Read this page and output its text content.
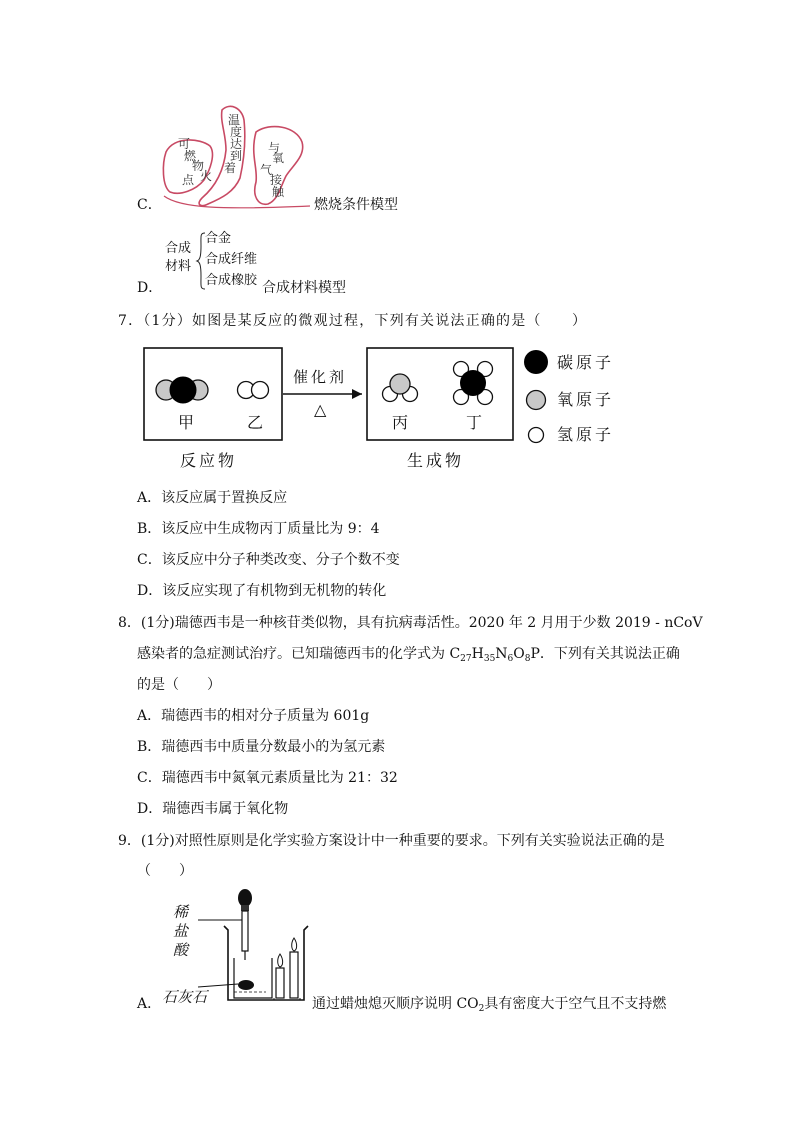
C．
可
燃
物
点 火
温
度
达
到
着
与
氧
气
接
触
燃烧条件模型
D．
合成
材料
合金
合成纤维
合成橡胶 合成材料模型
7．（1分）如图是某反应的微观过程，下列有关说法正确的是（　　）
催化剂
△
甲	乙	丙	丁
反应物	生成物
碳原子
氧原子
氢原子
A．该反应属于置换反应
B．该反应中生成物丙丁质量比为 9：4
C．该反应中分子种类改变、分子个数不变
D．该反应实现了有机物到无机物的转化
8．(1分)瑞德西韦是一种核苷类似物，具有抗病毒活性。2020 年 2 月用于少数 2019 - nCoV
感染者的急症测试治疗。已知瑞德西韦的化学式为 $C_{27}H_{35}N_6O_8P$．下列有关其说法正确
的是（　　）
A．瑞德西韦的相对分子质量为 601g
B．瑞德西韦中质量分数最小的为氢元素
C．瑞德西韦中氮氧元素质量比为 21：32
D．瑞德西韦属于氧化物
9．(1分)对照性原则是化学实验方案设计中一种重要的要求。下列有关实验说法正确的是
（　　）
A．
稀
盐
酸
石灰石	通过蜡烛熄灭顺序说明 $CO_2$具有密度大于空气且不支持燃
